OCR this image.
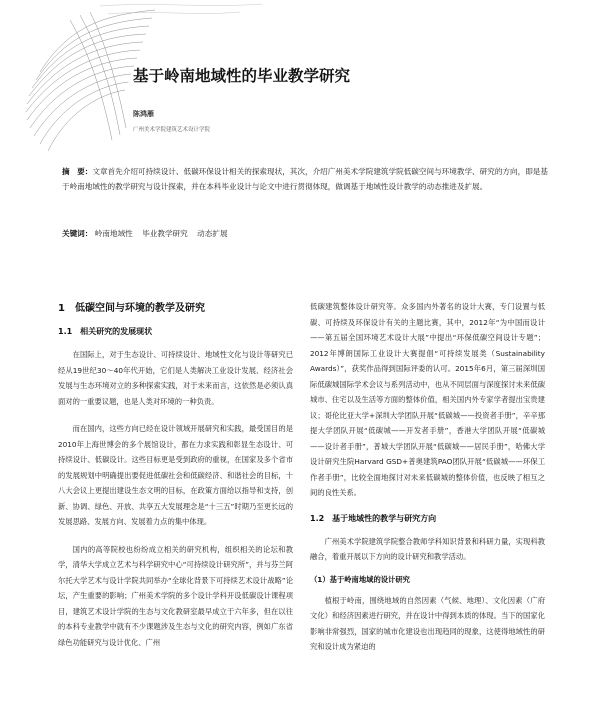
基于岭南地域性的毕业教学研究
陈鸿雁
广州美术学院建筑艺术设计学院

摘　要：文章首先介绍可持续设计、低碳环保设计相关的探索现状，其次，介绍广州美术学院建筑学院低碳空间与环境教学、研究的方向，即是基于岭南地域性的教学研究与设计探索，并在本科毕业设计与论文中进行贯彻体现，做调基于地域性设计教学的动态推进及扩展。

关键词： 岭南地域性 毕业教学研究 动态扩展
1　低碳空间与环境的教学及研究
1.1　相关研究的发展现状

在国际上，对于生态设计、可持续设计、地域性文化与设计等研究已经从19世纪30～40年代开始，它们是人类解决工业设计发展、经济社会发展与生态环境对立的多种探索实践，对于未来而言，这依然是必须认真面对的一重要议题，也是人类对环境的一种负责。

而在国内，这些方向已经在设计领域开展研究和实践，最受国目的是2010年上海世博会的多个展馆设计，都在力求实践和彰显生态设计、可持续设计、低碳设计。这些目标更是受到政府的重视，在国家及多个省市的发展规划中明确提出要促进低碳社会和低碳经济、和谐社会的目标，十八大会议上更提出建设生态文明的目标，在政策方面给以指导和支持，创新、协调、绿色、开放、共享五大发展理念是“十三五”时期乃至更长远的发展思路、发展方向、发展着力点的集中体现。

国内的高等院校也纷纷成立相关的研究机构，组织相关的论坛和教学，清华大学成立艺术与科学研究中心“可持续设计研究所”，并与芬兰阿尔托大学艺术与设计学院共同举办“全球化背景下可持续艺术设计战略”论坛，产生重要的影响；广州美术学院的多个设计学科开设低碳设计课程项目，建筑艺术设计学院的生态与文化教研室最早成立于六年多，但在以往的本科专业教学中就有不少课题涉及生态与文化的研究内容，例如广东省绿色功能研究与设计优化、广州

低碳建筑整体设计研究等。众多国内外著名的设计大赛，专门设置与低碳、可持续及环保设计有关的主题比赛，其中，2012年“为中国而设计——第五届全国环境艺术设计大展”中提出“环保低碳空间设计专题”；2012年博朗国际工业设计大赛提倡“可持续发展类（Sustainability Awards）”，获奖作品得到国际评委的认可。2015年6月，第三届深圳国际低碳城国际学术会议与系列活动中，也从不同层面与深度探讨未来低碳城市、住宅以及生活等方面的整体价值，相关国内外专家学者提出宝贵建议；哥伦比亚大学+深圳大学团队开展“低碳城——投资者手册”，辛辛那提大学团队开展“低碳城——开发者手册”，香港大学团队开展“低碳城——设计者手册”，普城大学团队开展“低碳城——居民手册”，哈佛大学设计研究生院Harvard GSD+普奥建筑PAO团队开展“低碳城——环保工作者手册”，比较全面地探讨对未来低碳城的整体价值，也反映了相互之间的良性关系。

1.2　基于地域性的教学与研究方向

广州美术学院建筑学院整合教师学科知识背景和科研力量，实现科教融合，着重开展以下方向的设计研究和教学活动。

（1）基于岭南地域的设计研究

植根于岭南，围绕地域的自然因素（气候、地理）、文化因素（广府文化）和经济因素进行研究，并在设计中得到本质的体现。当下的国家化影响非常强烈，国家的城市化建设也出现趋同的现象，这使得地域性的研究和设计成为紧迫的
